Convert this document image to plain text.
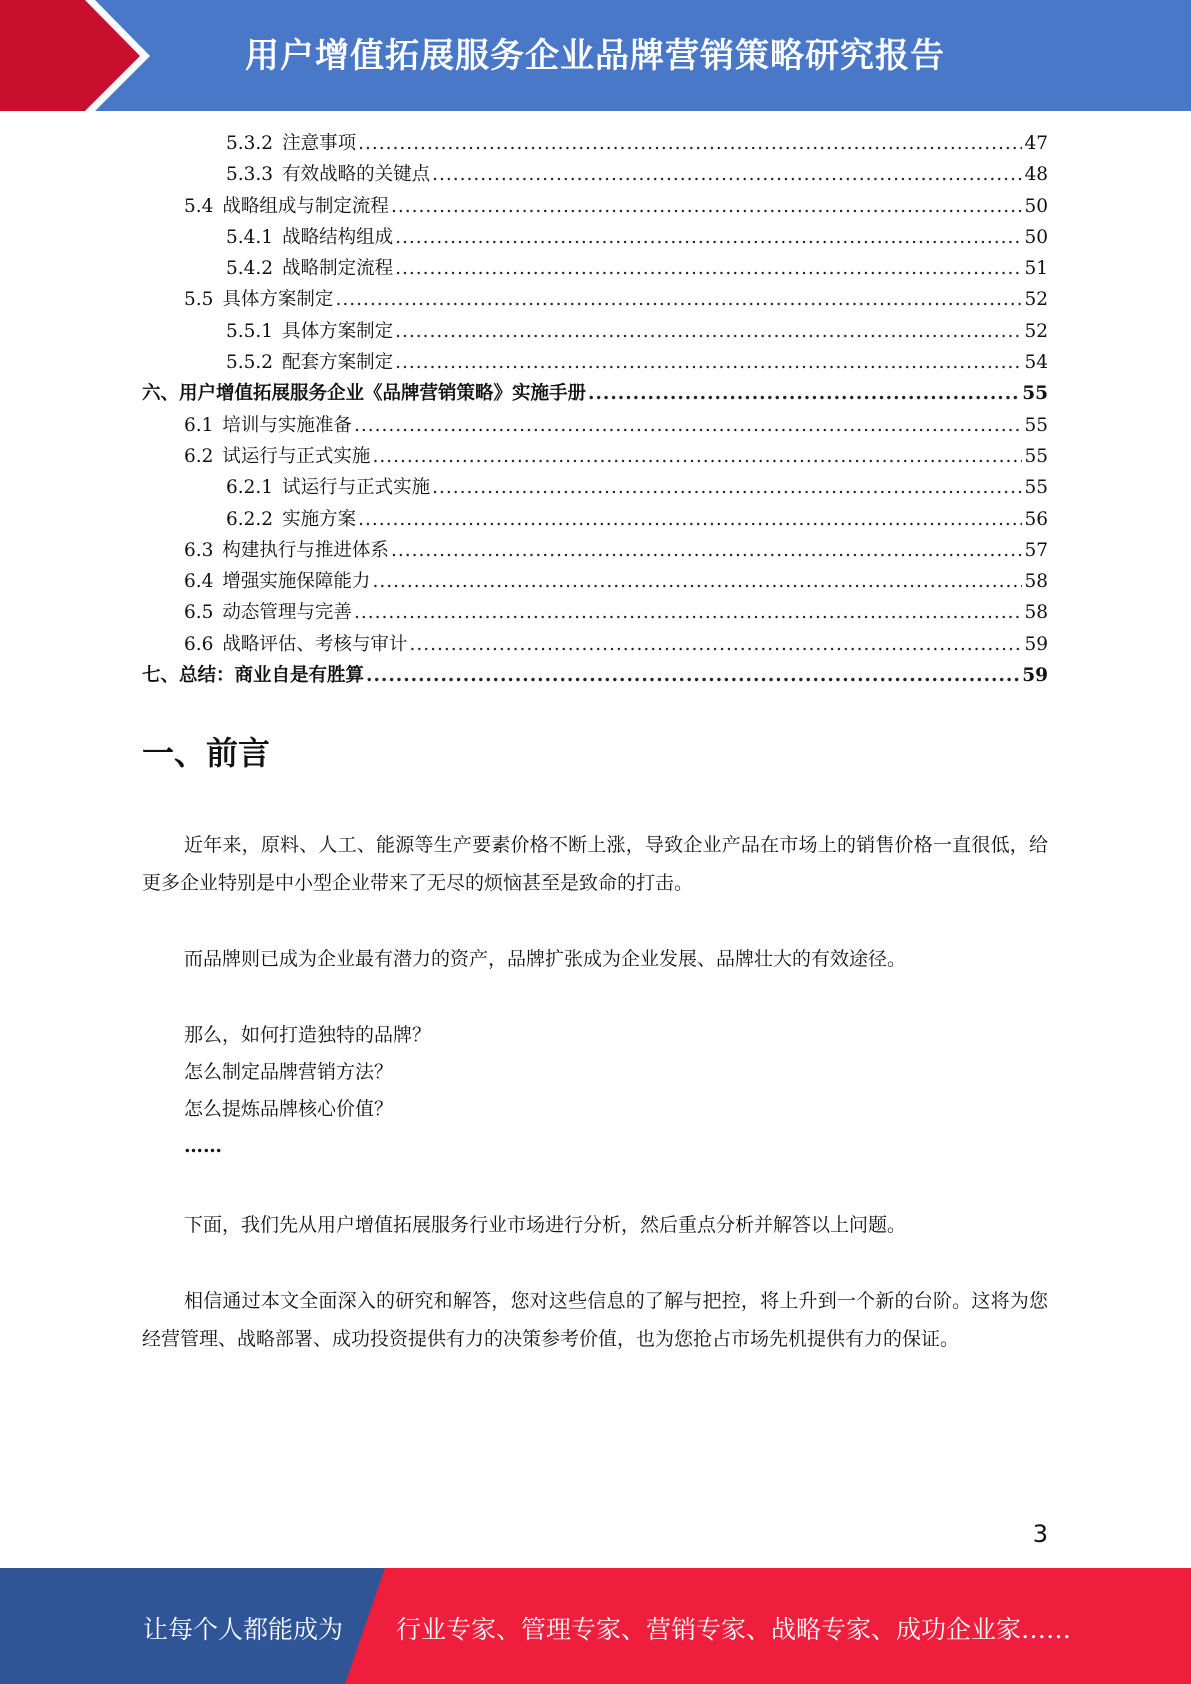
用户增值拓展服务企业品牌营销策略研究报告
5.3.2 注意事项 .....	47
5.3.3 有效战略的关键点 .....	48
5.4 战略组成与制定流程 .....	50
5.4.1 战略结构组成 .....	50
5.4.2 战略制定流程 .....	51
5.5 具体方案制定 .....	52
5.5.1 具体方案制定 .....	52
5.5.2 配套方案制定 .....	54
六、 用户增值拓展服务企业《品牌营销策略》实施手册 .....	55
6.1 培训与实施准备 .....	55
6.2 试运行与正式实施 .....	55
6.2.1 试运行与正式实施 .....	55
6.2.2 实施方案 .....	56
6.3 构建执行与推进体系 .....	57
6.4 增强实施保障能力 .....	58
6.5 动态管理与完善 .....	58
6.6 战略评估、考核与审计 .....	59
七、 总结：商业自是有胜算 .....	59
一、前言

近年来，原料、人工、能源等生产要素价格不断上涨，导致企业产品在市场上的销售价格一直很低，给更多企业特别是中小型企业带来了无尽的烦恼甚至是致命的打击。

而品牌则已成为企业最有潜力的资产，品牌扩张成为企业发展、品牌壮大的有效途径。

那么，如何打造独特的品牌？

怎么制定品牌营销方法？

怎么提炼品牌核心价值？

……

下面，我们先从用户增值拓展服务行业市场进行分析，然后重点分析并解答以上问题。

相信通过本文全面深入的研究和解答，您对这些信息的了解与把控，将上升到一个新的台阶。这将为您经营管理、战略部署、成功投资提供有力的决策参考价值，也为您抢占市场先机提供有力的保证。

3
让每个人都能成为 行业专家、管理专家、营销专家、战略专家、成功企业家……
